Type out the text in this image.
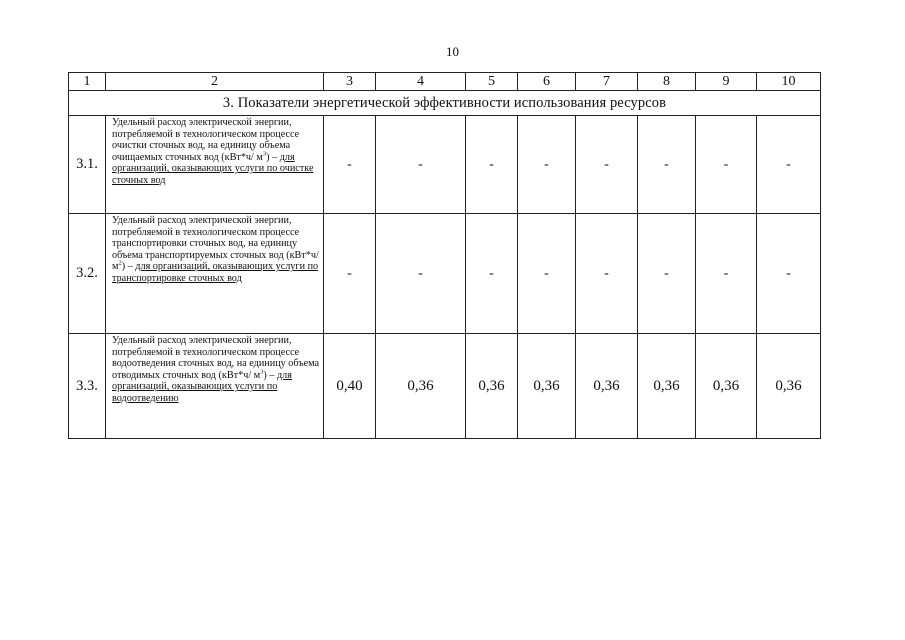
10
1	2	3	4	5	6	7	8	9	10
3. Показатели энергетической эффективности использования ресурсов									
3.1.	Удельный расход электрической энергии, потребляемой в технологическом процессе очистки сточных вод, на единицу объема очищаемых сточных вод (кВт*ч/ $м^3$) – для организаций, оказывающих услуги по очистке сточных вод	-	-	-	-	-	-	-	-
3.2.	Удельный расход электрической энергии, потребляемой в технологическом процессе транспортировки сточных вод, на единицу объема транспортируемых сточных вод (кВт*ч/ $м^2$) – для организаций, оказывающих услуги по транспортировке сточных вод	-	-	-	-	-	-	-	-
3.3.	Удельный расход электрической энергии, потребляемой в технологическом процессе водоотведения сточных вод, на единицу объема отводимых сточных вод (кВт*ч/ $м^3$) – для организаций, оказывающих услуги по водоотведению	0,40	0,36	0,36	0,36	0,36	0,36	0,36	0,36
